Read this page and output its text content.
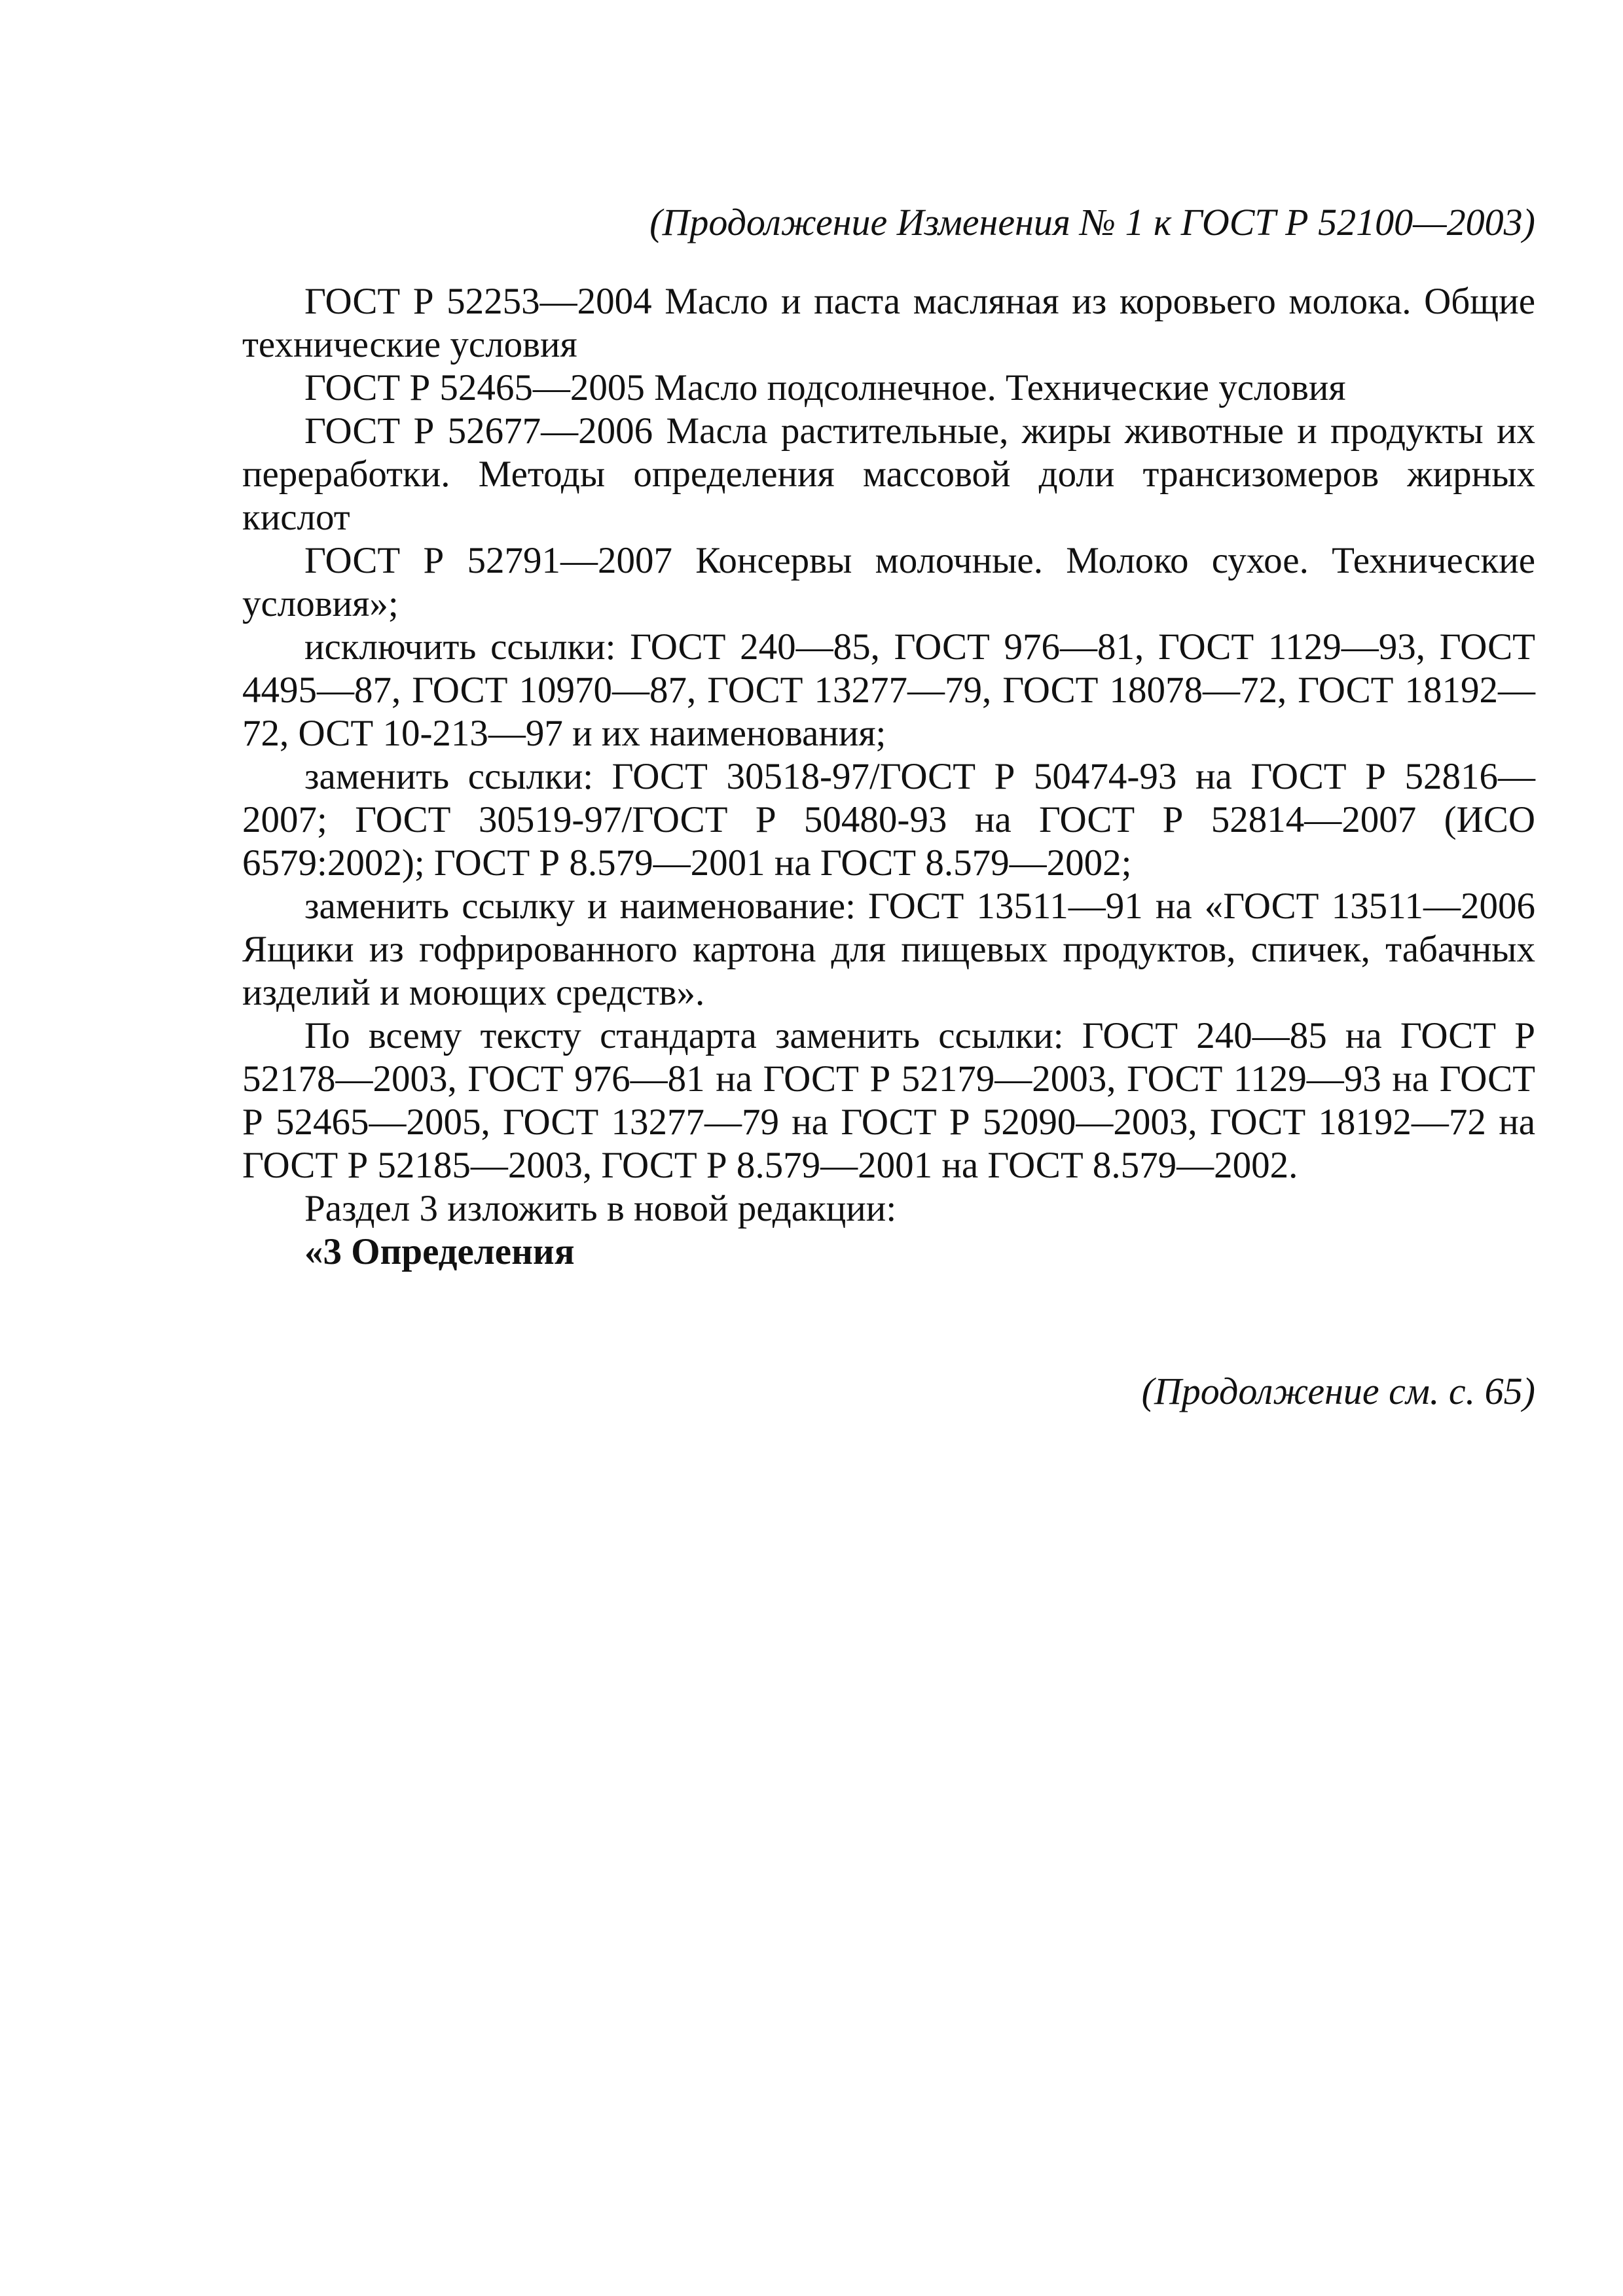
(Продолжение Изменения № 1 к ГОСТ Р 52100—2003)

ГОСТ Р 52253—2004 Масло и паста масляная из коровьего молока. Общие технические условия

ГОСТ Р 52465—2005 Масло подсолнечное. Технические условия

ГОСТ Р 52677—2006 Масла растительные, жиры животные и продукты их переработки. Методы определения массовой доли трансизомеров жирных кислот

ГОСТ Р 52791—2007 Консервы молочные. Молоко сухое. Технические условия»;

исключить ссылки: ГОСТ 240—85, ГОСТ 976—81, ГОСТ 1129—93, ГОСТ 4495—87, ГОСТ 10970—87, ГОСТ 13277—79, ГОСТ 18078—72, ГОСТ 18192—72, ОСТ 10-213—97 и их наименования;

заменить ссылки: ГОСТ 30518-97/ГОСТ Р 50474-93 на ГОСТ Р 52816—2007; ГОСТ 30519-97/ГОСТ Р 50480-93 на ГОСТ Р 52814—2007 (ИСО 6579:2002); ГОСТ Р 8.579—2001 на ГОСТ 8.579—2002;

заменить ссылку и наименование: ГОСТ 13511—91 на «ГОСТ 13511—2006 Ящики из гофрированного картона для пищевых продуктов, спичек, табачных изделий и моющих средств».

По всему тексту стандарта заменить ссылки: ГОСТ 240—85 на ГОСТ Р 52178—2003, ГОСТ 976—81 на ГОСТ Р 52179—2003, ГОСТ 1129—93 на ГОСТ Р 52465—2005, ГОСТ 13277—79 на ГОСТ Р 52090—2003, ГОСТ 18192—72 на ГОСТ Р 52185—2003, ГОСТ Р 8.579—2001 на ГОСТ 8.579—2002.

Раздел 3 изложить в новой редакции:

«3 Определения

(Продолжение см. с. 65)
